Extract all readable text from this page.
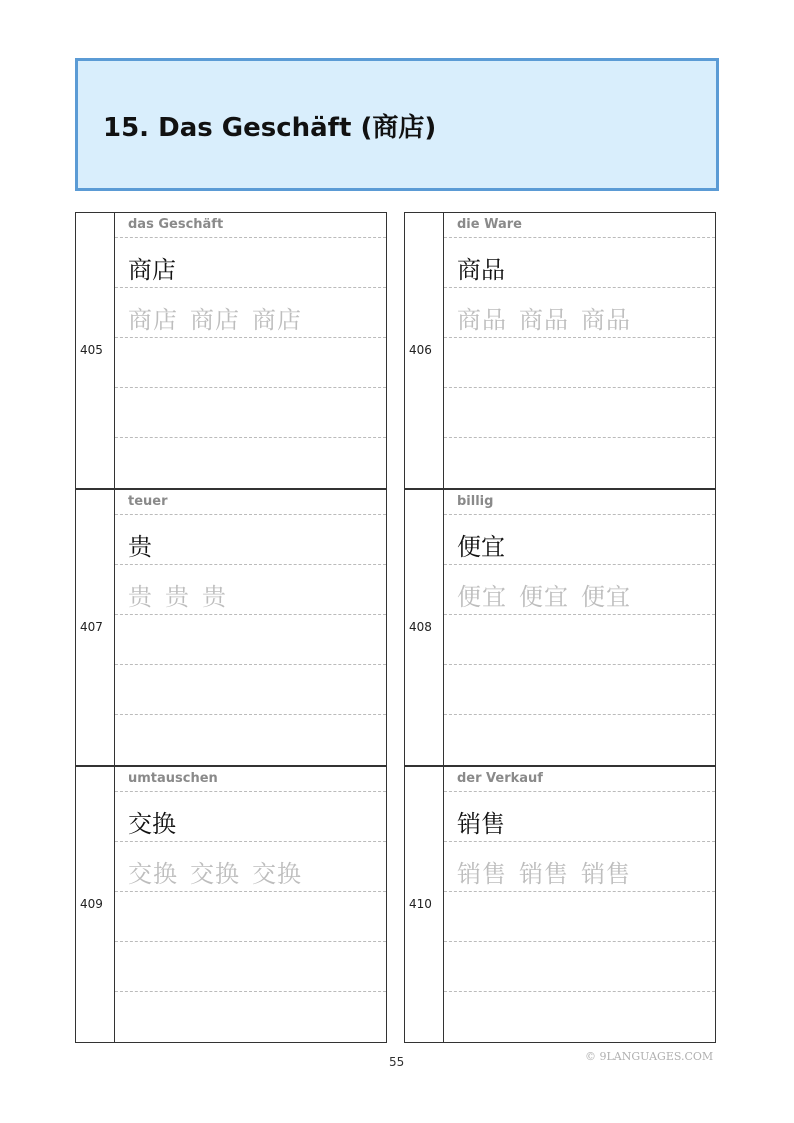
15. Das Geschäft (商店)
405
das Geschäft
商店
商店 商店 商店
406
die Ware
商品
商品 商品 商品
407
teuer
贵
贵 贵 贵
408
billig
便宜
便宜 便宜 便宜
409
umtauschen
交换
交换 交换 交换
410
der Verkauf
销售
销售 销售 销售
55	© 9LANGUAGES.COM
